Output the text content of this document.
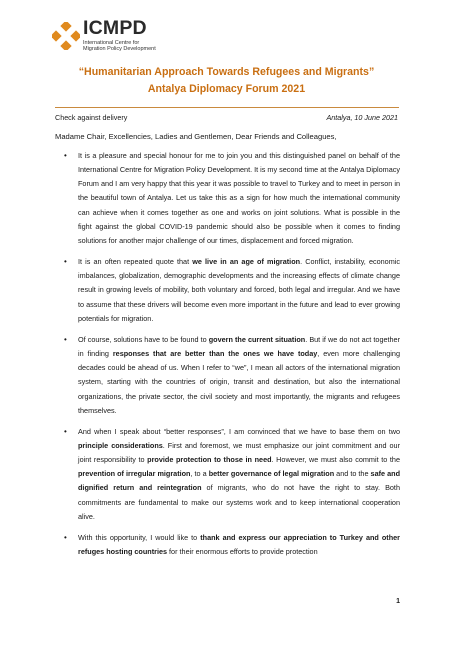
ICMPD
International Centre for
Migration Policy Development
“Humanitarian Approach Towards Refugees and Migrants”
Antalya Diplomacy Forum 2021
Check against delivery	Antalya, 10 June 2021
Madame Chair, Excellencies, Ladies and Gentlemen, Dear Friends and Colleagues,
• It is a pleasure and special honour for me to join you and this distinguished panel on behalf of the International Centre for Migration Policy Development. It is my second time at the Antalya Diplomacy Forum and I am very happy that this year it was possible to travel to Turkey and to meet in person in the beautiful town of Antalya. Let us take this as a sign for how much the international community can achieve when it comes together as one and works on joint solutions. What is possible in the fight against the global COVID-19 pandemic should also be possible when it comes to finding solutions for another major challenge of our times, displacement and forced migration.
• It is an often repeated quote that we live in an age of migration. Conflict, instability, economic imbalances, globalization, demographic developments and the increasing effects of climate change result in growing levels of mobility, both voluntary and forced, both legal and irregular. And we have to assume that these drivers will become even more important in the future and lead to ever growing potentials for migration.
• Of course, solutions have to be found to govern the current situation. But if we do not act together in finding responses that are better than the ones we have today, even more challenging decades could be ahead of us. When I refer to “we”, I mean all actors of the international migration system, starting with the countries of origin, transit and destination, but also the international organizations, the private sector, the civil society and most importantly, the migrants and refugees themselves.
• And when I speak about “better responses”, I am convinced that we have to base them on two principle considerations. First and foremost, we must emphasize our joint commitment and our joint responsibility to provide protection to those in need. However, we must also commit to the prevention of irregular migration, to a better governance of legal migration and to the safe and dignified return and reintegration of migrants, who do not have the right to stay. Both commitments are fundamental to make our systems work and to keep international cooperation alive.
• With this opportunity, I would like to thank and express our appreciation to Turkey and other refuges hosting countries for their enormous efforts to provide protection
1
